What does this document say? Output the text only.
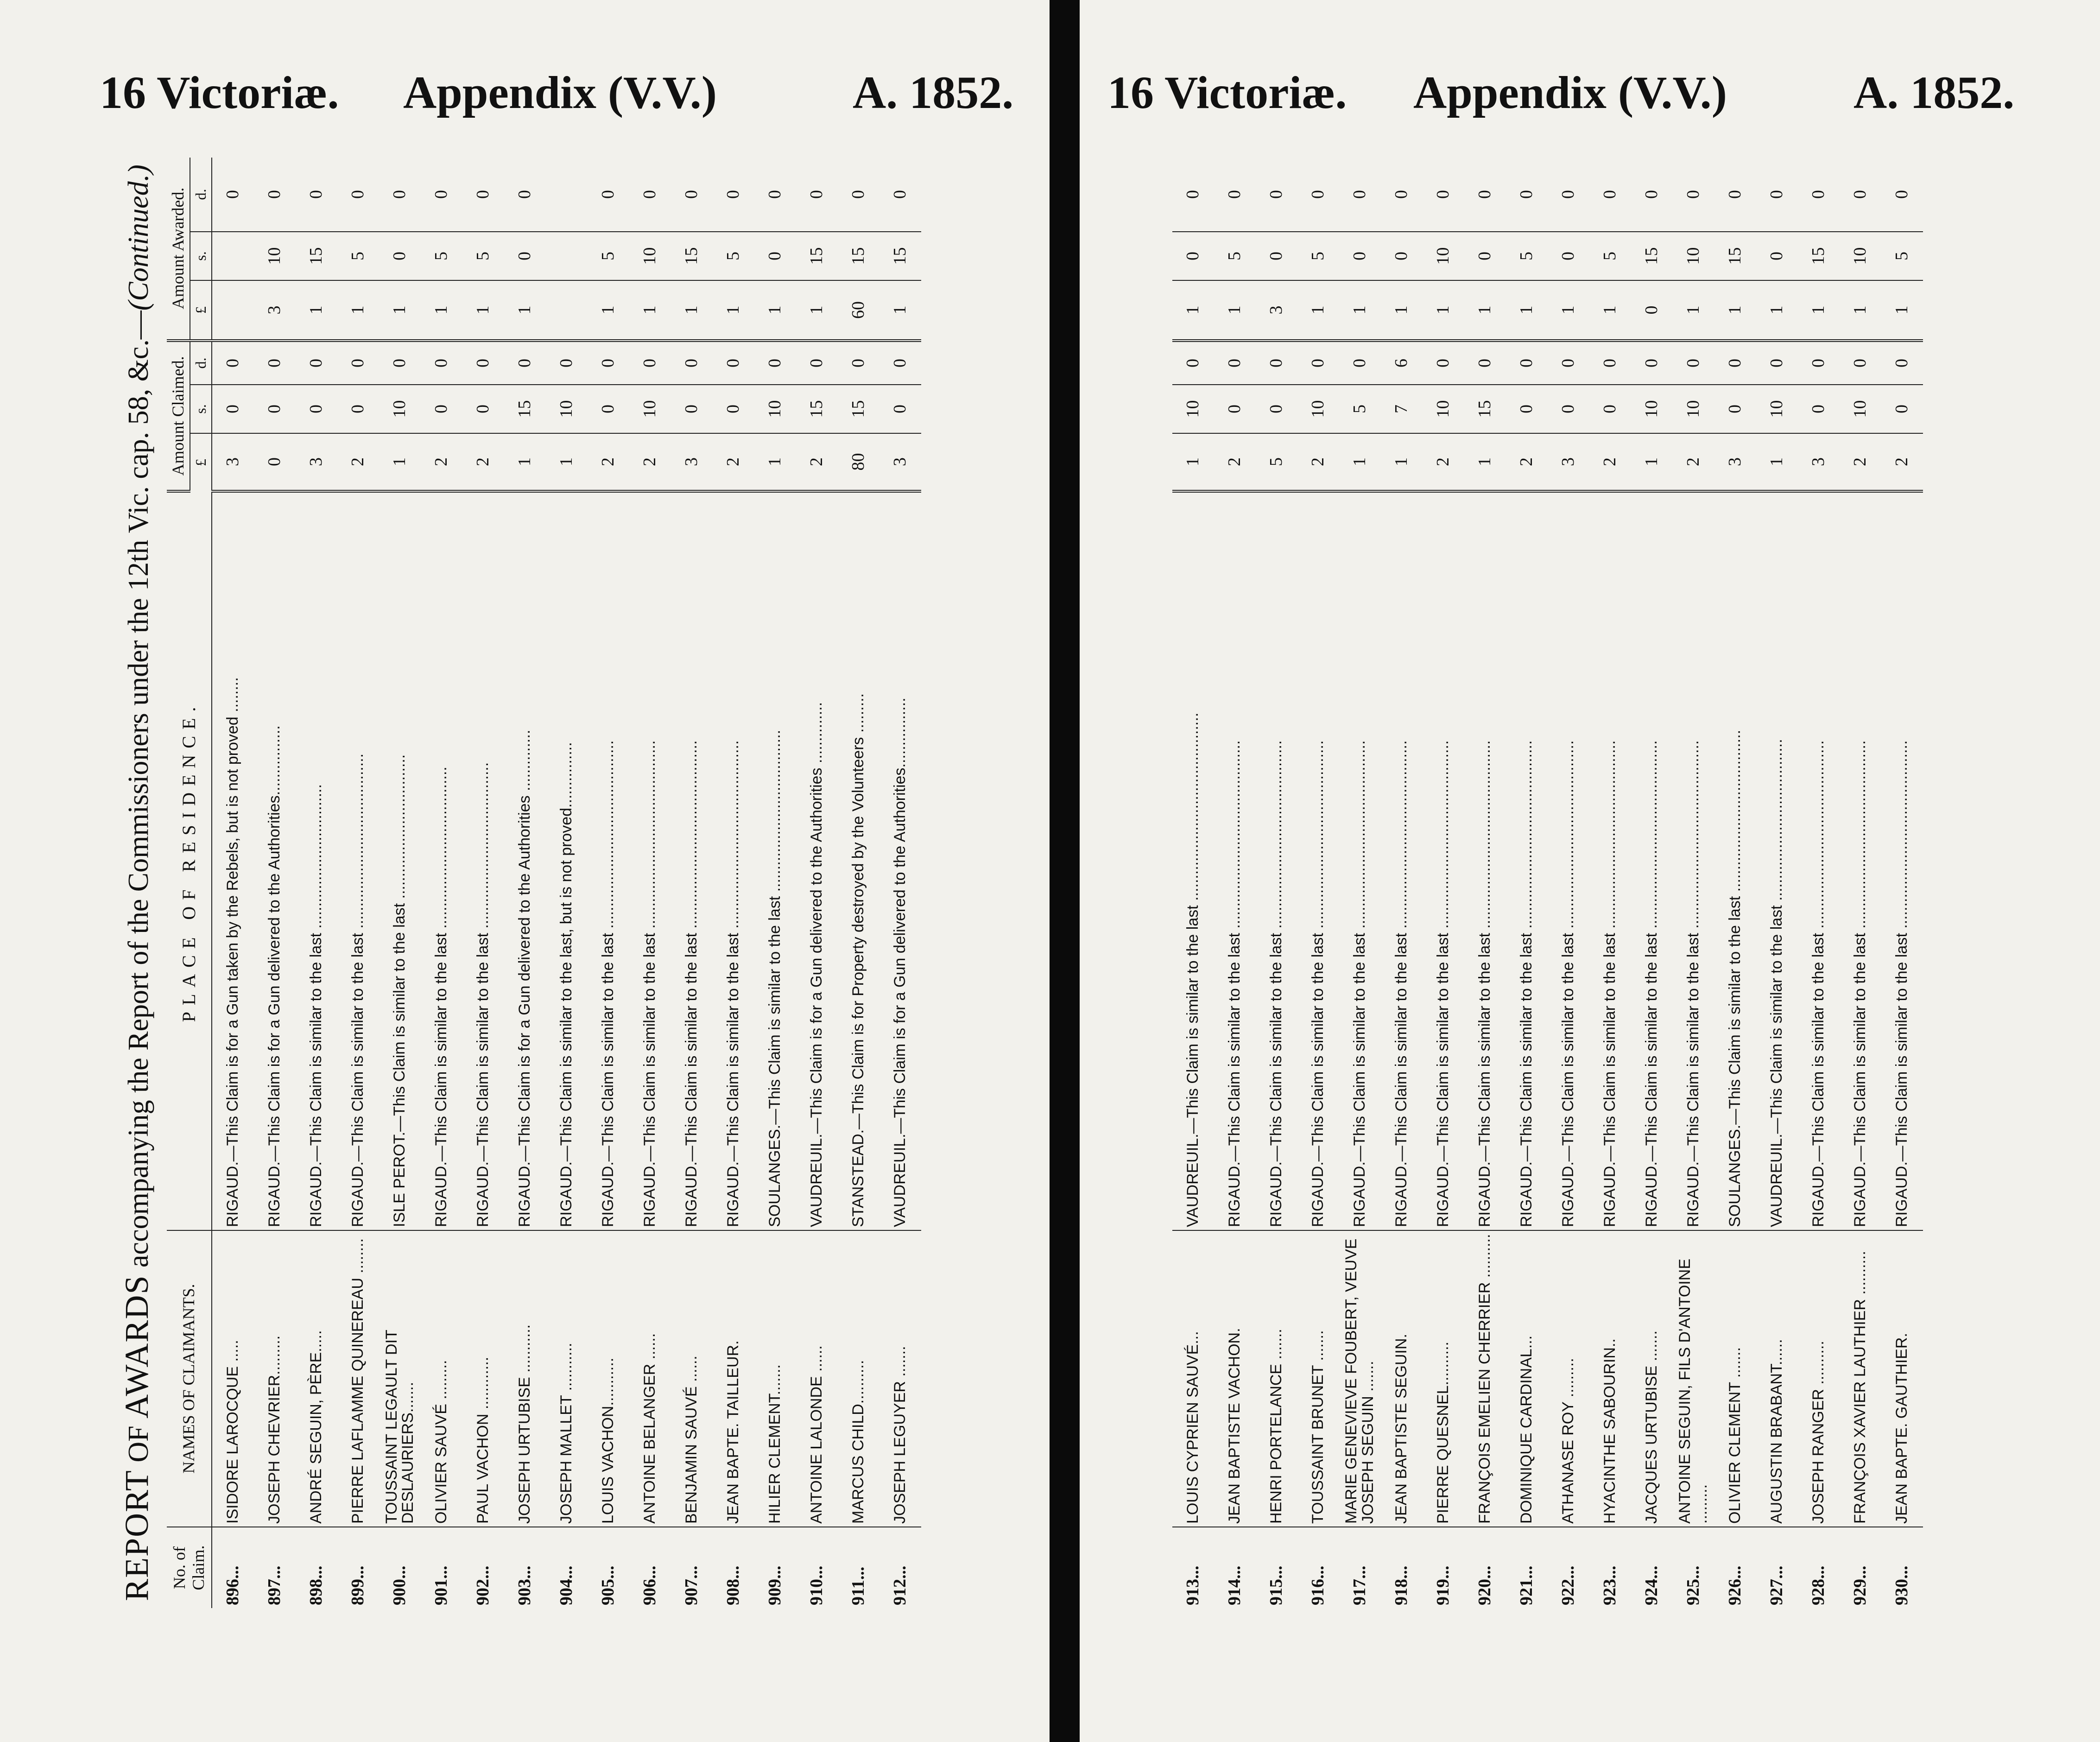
16 Victoriæ. Appendix (V.V.)	A. 1852.
REPORT OF AWARDS accompanying the Report of the Commissioners under the 12th Vic. cap. 58, &c.—(Continued.)
No. of Claim.	NAMES OF CLAIMANTS.	PLACE OF RESIDENCE.	Amount Claimed.			Amount Awarded.		
			£	s.	d.	£	s.	d.
896...	ISIDORE LAROCQUE .....	RIGAUD.—This Claim is for a Gun taken by the Rebels, but is not proved ........	3	0	0			0
897...	JOSEPH CHEVRIER.........	RIGAUD.—This Claim is for a Gun delivered to the Authorities................	0	0	0	3	10	0
898...	ANDRÉ SEGUIN, PÈRE.....	RIGAUD.—This Claim is similar to the last .................................	3	0	0	1	15	0
899...	PIERRE LAFLAMME QUINEREAU ........	RIGAUD.—This Claim is similar to the last ........................................	2	0	0	1	5	0
900...	TOUSSAINT LEGAULT DIT DESLAURIERS.......	ISLE PEROT.—This Claim is similar to the last .................................	1	10	0	1	0	0
901...	OLIVIER SAUVÉ .........	RIGAUD.—This Claim is similar to the last .....................................	2	0	0	1	5	0
902...	PAUL VACHON ............	RIGAUD.—This Claim is similar to the last ......................................	2	0	0	1	5	0
903...	JOSEPH URTUBISE ...........	RIGAUD.—This Claim is for a Gun delivered to the Authorities ..............	1	15	0	1	0	0
904...	JOSEPH MALLET ...........	RIGAUD.—This Claim is similar to the last, but is not proved...............	1	10	0			
905...	LOUIS VACHON...........	RIGAUD.—This Claim is similar to the last ...........................................	2	0	0	1	5	0
906...	ANTOINE BELANGER ......	RIGAUD.—This Claim is similar to the last ...........................................	2	10	0	1	10	0
907...	BENJAMIN SAUVÉ ......	RIGAUD.—This Claim is similar to the last ...........................................	3	0	0	1	15	0
908...	JEAN BAPTE. TAILLEUR.	RIGAUD.—This Claim is similar to the last ...........................................	2	0	0	1	5	0
909...	HILIER CLEMENT.......	SOULANGES.—This Claim is similar to the last .....................................	1	10	0	1	0	0
910...	ANTOINE LALONDE ......	VAUDREUIL.—This Claim is for a Gun delivered to the Authorities ..............	2	15	0	1	15	0
911...	MARCUS CHILD..........	STANSTEAD.—This Claim is for Property destroyed by the Volunteers .........	80	15	0	60	15	0
912...	JOSEPH LEGUYER .......	VAUDREUIL.—This Claim is for a Gun delivered to the Authorities................	3	0	0	1	15	0
16 Victoriæ. Appendix (V.V.)	A. 1852.
913...	LOUIS CYPRIEN SAUVÉ...	VAUDREUIL.—This Claim is similar to the last ...........................................	1	10	0	1	0	0
914...	JEAN BAPTISTE VACHON.	RIGAUD.—This Claim is similar to the last ...........................................	2	0	0	1	5	0
915...	HENRI PORTELANCE .......	RIGAUD.—This Claim is similar to the last ...........................................	5	0	0	3	0	0
916...	TOUSSAINT BRUNET .......	RIGAUD.—This Claim is similar to the last ...........................................	2	10	0	1	5	0
917...	MARIE GENEVIEVE FOUBERT, VEUVE JOSEPH SEGUIN .......	RIGAUD.—This Claim is similar to the last ...........................................	1	5	0	1	0	0
918...	JEAN BAPTISTE SEGUIN.	RIGAUD.—This Claim is similar to the last ...........................................	1	7	6	1	0	0
919...	PIERRE QUESNEL..........	RIGAUD.—This Claim is similar to the last ...........................................	2	10	0	1	10	0
920...	FRANÇOIS EMELIEN CHERRIER ..........	RIGAUD.—This Claim is similar to the last ...........................................	1	15	0	1	0	0
921...	DOMINIQUE CARDINAL...	RIGAUD.—This Claim is similar to the last ...........................................	2	0	0	1	5	0
922...	ATHANASE ROY .........	RIGAUD.—This Claim is similar to the last ...........................................	3	0	0	1	0	0
923...	HYACINTHE SABOURIN..	RIGAUD.—This Claim is similar to the last ...........................................	2	0	0	1	5	0
924...	JACQUES URTUBISE .......	RIGAUD.—This Claim is similar to the last ...........................................	1	10	0	0	15	0
925...	ANTOINE SEGUIN, FILS D'ANTOINE .........	RIGAUD.—This Claim is similar to the last ...........................................	2	10	0	1	10	0
926...	OLIVIER CLEMENT .......	SOULANGES.—This Claim is similar to the last .....................................	3	0	0	1	15	0
927...	AUGUSTIN BRABANT......	VAUDREUIL.—This Claim is similar to the last .....................................	1	10	0	1	0	0
928...	JOSEPH RANGER ..........	RIGAUD.—This Claim is similar to the last ...........................................	3	0	0	1	15	0
929...	FRANÇOIS XAVIER LAUTHIER ..........	RIGAUD.—This Claim is similar to the last ...........................................	2	10	0	1	10	0
930...	JEAN BAPTE. GAUTHIER.	RIGAUD.—This Claim is similar to the last ...........................................	2	0	0	1	5	0
